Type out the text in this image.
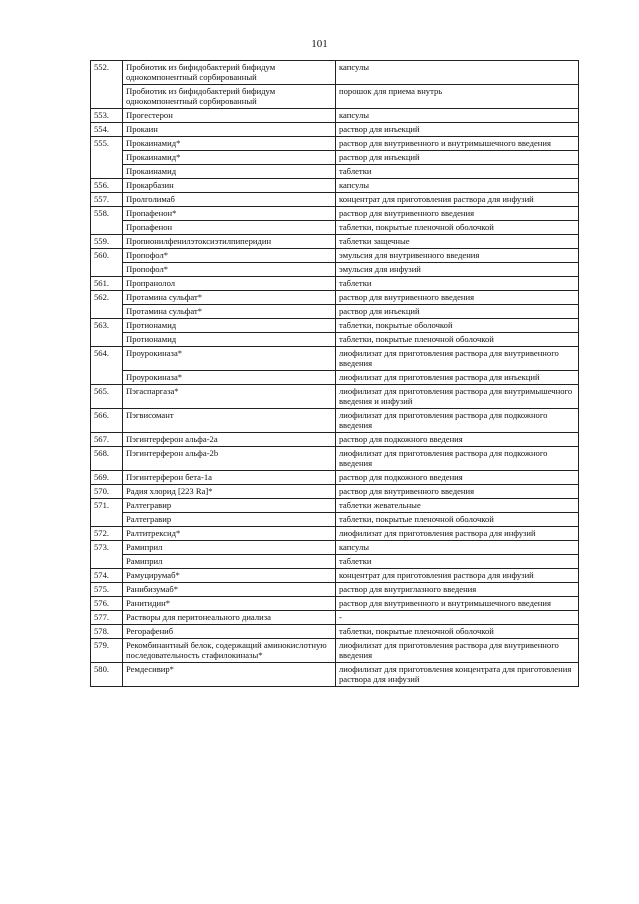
101
552.	Пробиотик из бифидобактерий бифидум однокомпонентный сорбированный	капсулы
	Пробиотик из бифидобактерий бифидум однокомпонентный сорбированный	порошок для приема внутрь
553.	Прогестерон	капсулы
554.	Прокаин	раствор для инъекций
555.	Прокаинамид*	раствор для внутривенного и внутримышечного введения
	Прокаинамид*	раствор для инъекций
	Прокаинамид	таблетки
556.	Прокарбазин	капсулы
557.	Пролголимаб	концентрат для приготовления раствора для инфузий
558.	Пропафенон*	раствор для внутривенного введения
	Пропафенон	таблетки, покрытые пленочной оболочкой
559.	Пропионилфенилэтоксиэтилпиперидин	таблетки защечные
560.	Пропофол*	эмульсия для внутривенного введения
	Пропофол*	эмульсия для инфузий
561.	Пропранолол	таблетки
562.	Протамина сульфат*	раствор для внутривенного введения
	Протамина сульфат*	раствор для инъекций
563.	Протионамид	таблетки, покрытые оболочкой
	Протионамид	таблетки, покрытые пленочной оболочкой
564.	Проурокиназа*	лиофилизат для приготовления раствора для внутривенного введения
	Проурокиназа*	лиофилизат для приготовления раствора для инъекций
565.	Пэгаспаргаза*	лиофилизат для приготовления раствора для внутримышечного введения и инфузий
566.	Пэгвисомант	лиофилизат для приготовления раствора для подкожного введения
567.	Пэгинтерферон альфа-2a	раствор для подкожного введения
568.	Пэгинтерферон альфа-2b	лиофилизат для приготовления раствора для подкожного введения
569.	Пэгинтерферон бета-1a	раствор для подкожного введения
570.	Радия хлорид [223 Ra]*	раствор для внутривенного введения
571.	Ралтегравир	таблетки жевательные
	Ралтегравир	таблетки, покрытые пленочной оболочкой
572.	Ралтитрексид*	лиофилизат для приготовления раствора для инфузий
573.	Рамиприл	капсулы
	Рамиприл	таблетки
574.	Рамуцирумаб*	концентрат для приготовления раствора для инфузий
575.	Ранибизумаб*	раствор для внутриглазного введения
576.	Ранитидин*	раствор для внутривенного и внутримышечного введения
577.	Растворы для перитонеального диализа	-
578.	Регорафениб	таблетки, покрытые пленочной оболочкой
579.	Рекомбинантный белок, содержащий аминокислотную последовательность стафилокиназы*	лиофилизат для приготовления раствора для внутривенного введения
580.	Ремдесивир*	лиофилизат для приготовления концентрата для приготовления раствора для инфузий
